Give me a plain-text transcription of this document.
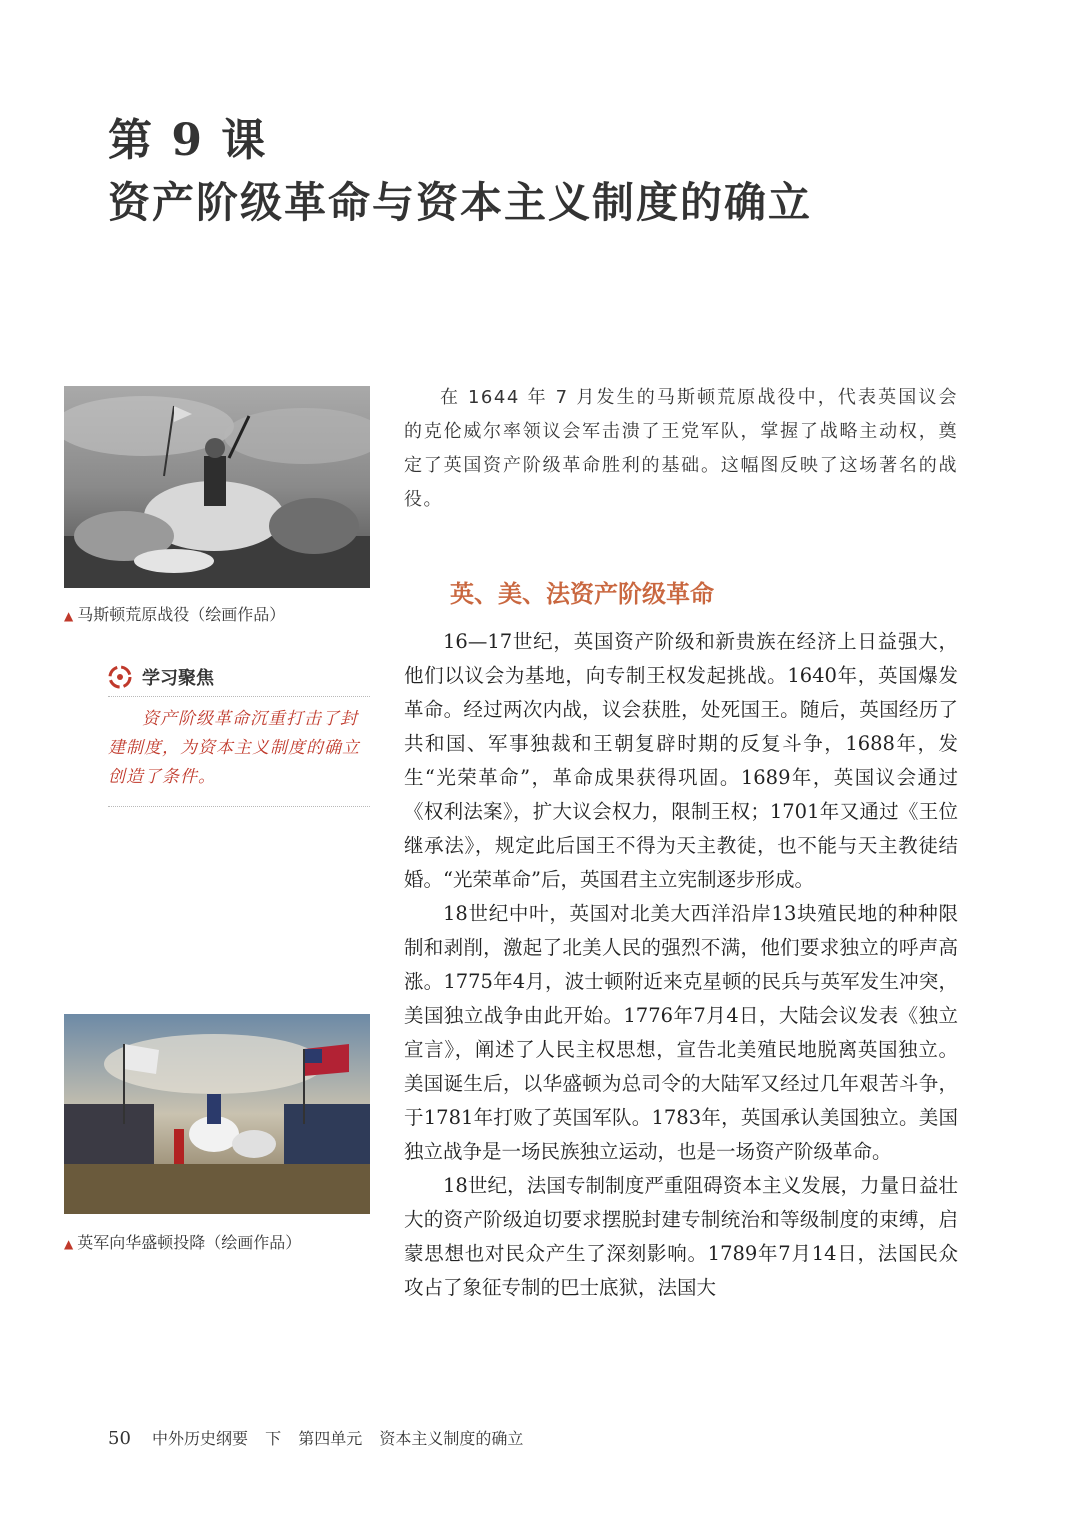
第 9 课
资产阶级革命与资本主义制度的确立
▲ 马斯顿荒原战役（绘画作品）
学习聚焦
资产阶级革命沉重打击了封建制度，为资本主义制度的确立创造了条件。
▲ 英军向华盛顿投降（绘画作品）
在 1644 年 7 月发生的马斯顿荒原战役中，代表英国议会的克伦威尔率领议会军击溃了王党军队，掌握了战略主动权，奠定了英国资产阶级革命胜利的基础。这幅图反映了这场著名的战役。
英、美、法资产阶级革命

16—17世纪，英国资产阶级和新贵族在经济上日益强大，他们以议会为基地，向专制王权发起挑战。1640年，英国爆发革命。经过两次内战，议会获胜，处死国王。随后，英国经历了共和国、军事独裁和王朝复辟时期的反复斗争，1688年，发生“光荣革命”，革命成果获得巩固。1689年，英国议会通过《权利法案》，扩大议会权力，限制王权；1701年又通过《王位继承法》，规定此后国王不得为天主教徒，也不能与天主教徒结婚。“光荣革命”后，英国君主立宪制逐步形成。

18世纪中叶，英国对北美大西洋沿岸13块殖民地的种种限制和剥削，激起了北美人民的强烈不满，他们要求独立的呼声高涨。1775年4月，波士顿附近来克星顿的民兵与英军发生冲突，美国独立战争由此开始。1776年7月4日，大陆会议发表《独立宣言》，阐述了人民主权思想，宣告北美殖民地脱离英国独立。美国诞生后，以华盛顿为总司令的大陆军又经过几年艰苦斗争，于1781年打败了英国军队。1783年，英国承认美国独立。美国独立战争是一场民族独立运动，也是一场资产阶级革命。

18世纪，法国专制制度严重阻碍资本主义发展，力量日益壮大的资产阶级迫切要求摆脱封建专制统治和等级制度的束缚，启蒙思想也对民众产生了深刻影响。1789年7月14日，法国民众攻占了象征专制的巴士底狱，法国大

50 中外历史纲要 下 第四单元 资本主义制度的确立
